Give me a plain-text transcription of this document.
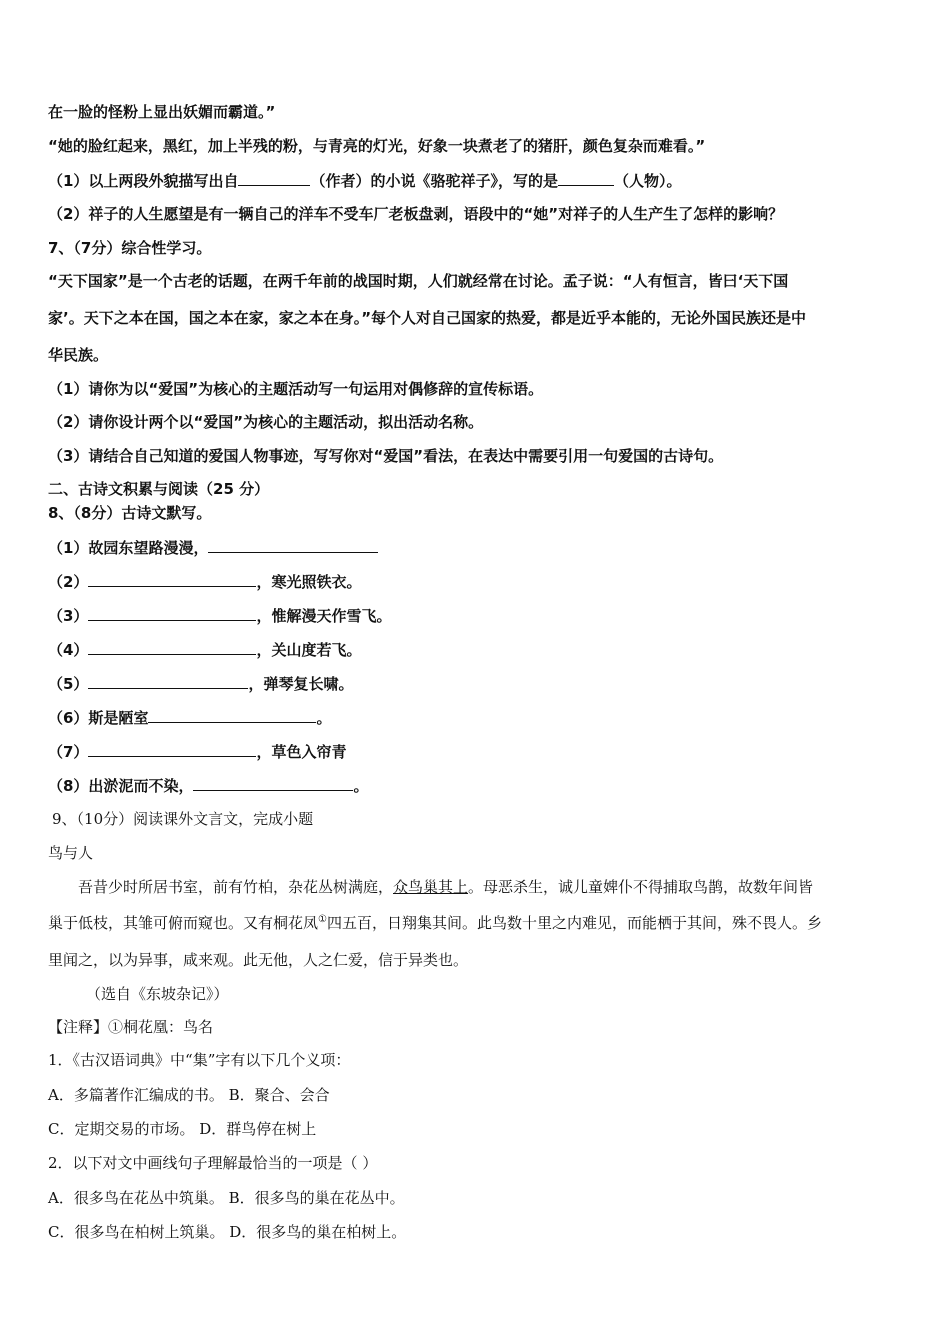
在一脸的怪粉上显出妖媚而霸道。”
“她的脸红起来，黑红，加上半残的粉，与青亮的灯光，好象一块煮老了的猪肝，颜色复杂而难看。”
（1）以上两段外貌描写出自	（作者）的小说《骆驼祥子》，写的是	（人物）。
（2）祥子的人生愿望是有一辆自己的洋车不受车厂老板盘剥，语段中的“她”对祥子的人生产生了怎样的影响？
7、（7分）综合性学习。
“天下国家”是一个古老的话题，在两千年前的战国时期，人们就经常在讨论。孟子说：“人有恒言，皆曰‘天下国
家’。天下之本在国，国之本在家，家之本在身。”每个人对自己国家的热爱，都是近乎本能的，无论外国民族还是中
华民族。
（1）请你为以“爱国”为核心的主题活动写一句运用对偶修辞的宣传标语。
（2）请你设计两个以“爱国”为核心的主题活动，拟出活动名称。
（3）请结合自己知道的爱国人物事迹，写写你对“爱国”看法，在表达中需要引用一句爱国的古诗句。
二、古诗文积累与阅读（25 分）
8、（8分）古诗文默写。
（1）故园东望路漫漫，
（2）	，寒光照铁衣。
（3）	，惟解漫天作雪飞。
（4）	，关山度若飞。
（5）	，弹琴复长啸。
（6）斯是陋室	。
（7）	，草色入帘青
（8）出淤泥而不染，	。
9、（10分）阅读课外文言文，完成小题
鸟与人
吾昔少时所居书室，前有竹柏，杂花丛树满庭，众鸟巢其上。母恶杀生，诚儿童婢仆不得捕取鸟鹊，故数年间皆
巢于低枝，其雏可俯而窥也。又有桐花凤①四五百，日翔集其间。此鸟数十里之内难见，而能栖于其间，殊不畏人。乡
里闻之，以为异事，咸来观。此无他，人之仁爱，信于异类也。
（选自《东坡杂记》）
【注释】①桐花凰：鸟名
1．《古汉语词典》中“集”字有以下几个义项：
A．多篇著作汇编成的书。 B．聚合、会合
C．定期交易的市场。 D．群鸟停在树上
2．以下对文中画线句子理解最恰当的一项是（ ）
A．很多鸟在花丛中筑巢。 B．很多鸟的巢在花丛中。
C．很多鸟在柏树上筑巢。 D．很多鸟的巢在柏树上。
